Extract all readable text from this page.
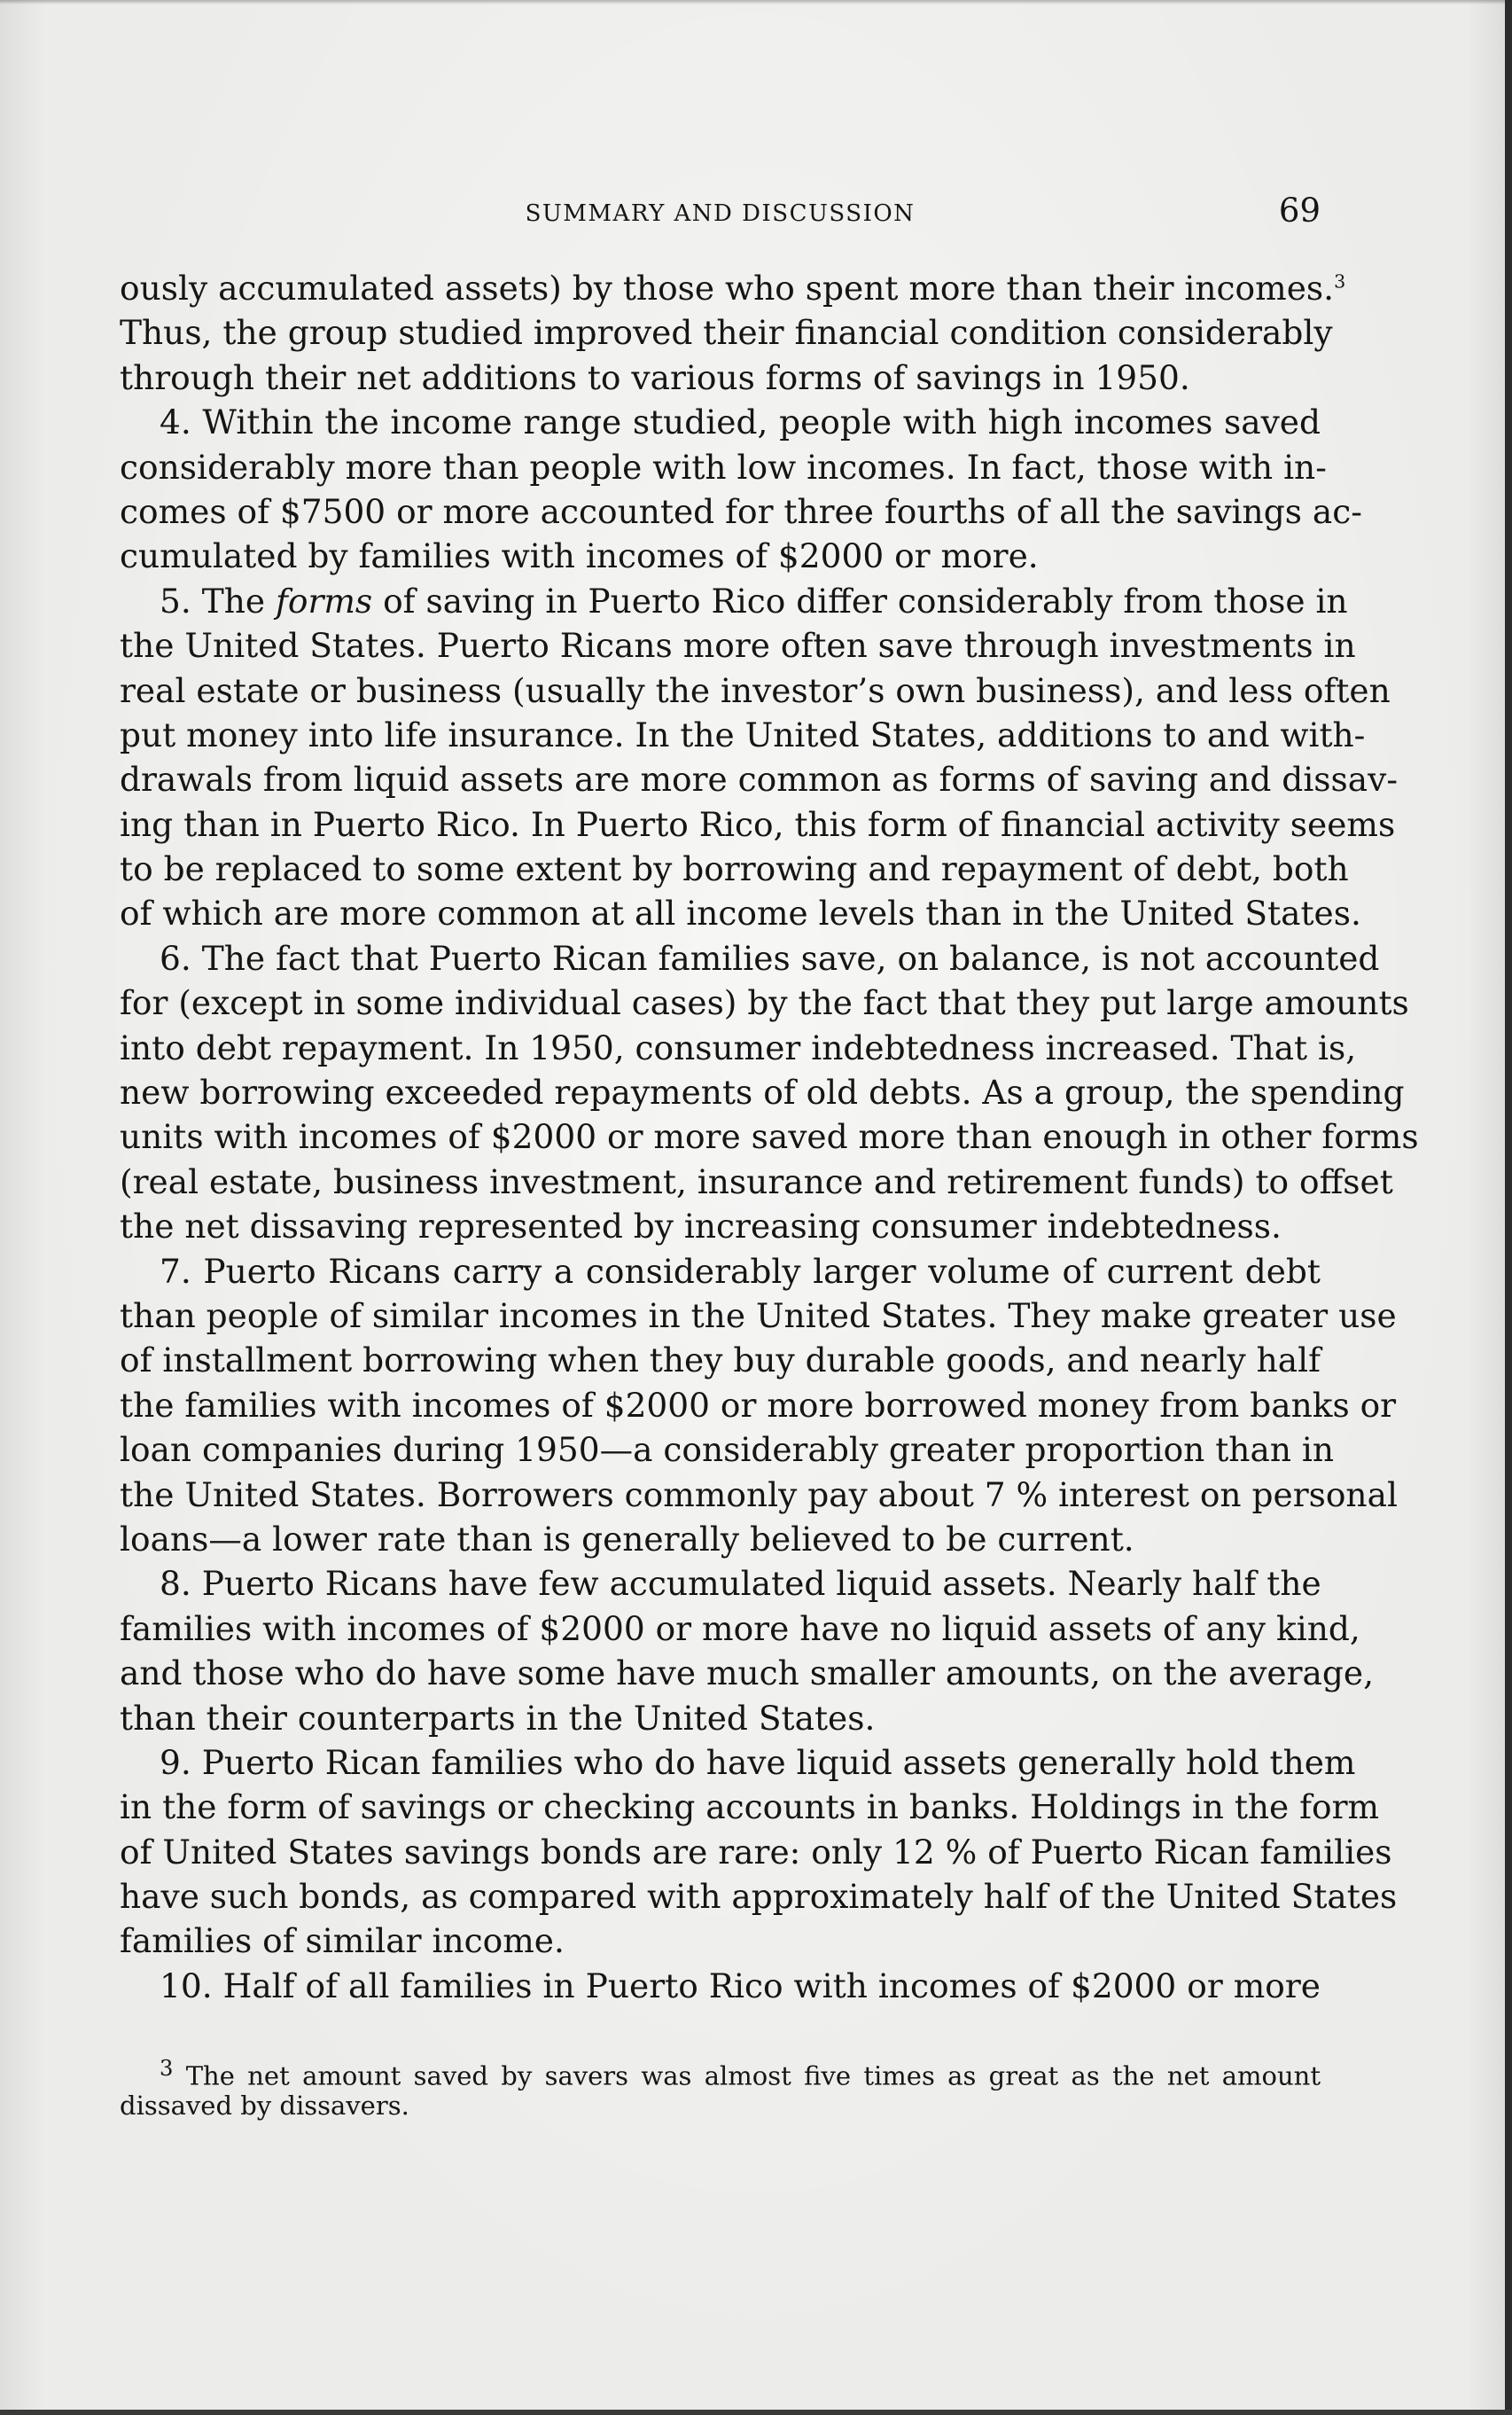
SUMMARY AND DISCUSSION	69
ously accumulated assets) by those who spent more than their incomes.$^3$
Thus, the group studied improved their financial condition considerably
through their net additions to various forms of savings in 1950.
4. Within the income range studied, people with high incomes saved
considerably more than people with low incomes. In fact, those with in-
comes of $7500 or more accounted for three fourths of all the savings ac-
cumulated by families with incomes of $2000 or more.
5. The forms of saving in Puerto Rico differ considerably from those in
the United States. Puerto Ricans more often save through investments in
real estate or business (usually the investor’s own business), and less often
put money into life insurance. In the United States, additions to and with-
drawals from liquid assets are more common as forms of saving and dissav-
ing than in Puerto Rico. In Puerto Rico, this form of financial activity seems
to be replaced to some extent by borrowing and repayment of debt, both
of which are more common at all income levels than in the United States.
6. The fact that Puerto Rican families save, on balance, is not accounted
for (except in some individual cases) by the fact that they put large amounts
into debt repayment. In 1950, consumer indebtedness increased. That is,
new borrowing exceeded repayments of old debts. As a group, the spending
units with incomes of $2000 or more saved more than enough in other forms
(real estate, business investment, insurance and retirement funds) to offset
the net dissaving represented by increasing consumer indebtedness.
7. Puerto Ricans carry a considerably larger volume of current debt
than people of similar incomes in the United States. They make greater use
of installment borrowing when they buy durable goods, and nearly half
the families with incomes of $2000 or more borrowed money from banks or
loan companies during 1950—a considerably greater proportion than in
the United States. Borrowers commonly pay about 7 % interest on personal
loans—a lower rate than is generally believed to be current.
8. Puerto Ricans have few accumulated liquid assets. Nearly half the
families with incomes of $2000 or more have no liquid assets of any kind,
and those who do have some have much smaller amounts, on the average,
than their counterparts in the United States.
9. Puerto Rican families who do have liquid assets generally hold them
in the form of savings or checking accounts in banks. Holdings in the form
of United States savings bonds are rare: only 12 % of Puerto Rican families
have such bonds, as compared with approximately half of the United States
families of similar income.
10. Half of all families in Puerto Rico with incomes of $2000 or more
$^3$ The net amount saved by savers was almost five times as great as the net amount
dissaved by dissavers.
